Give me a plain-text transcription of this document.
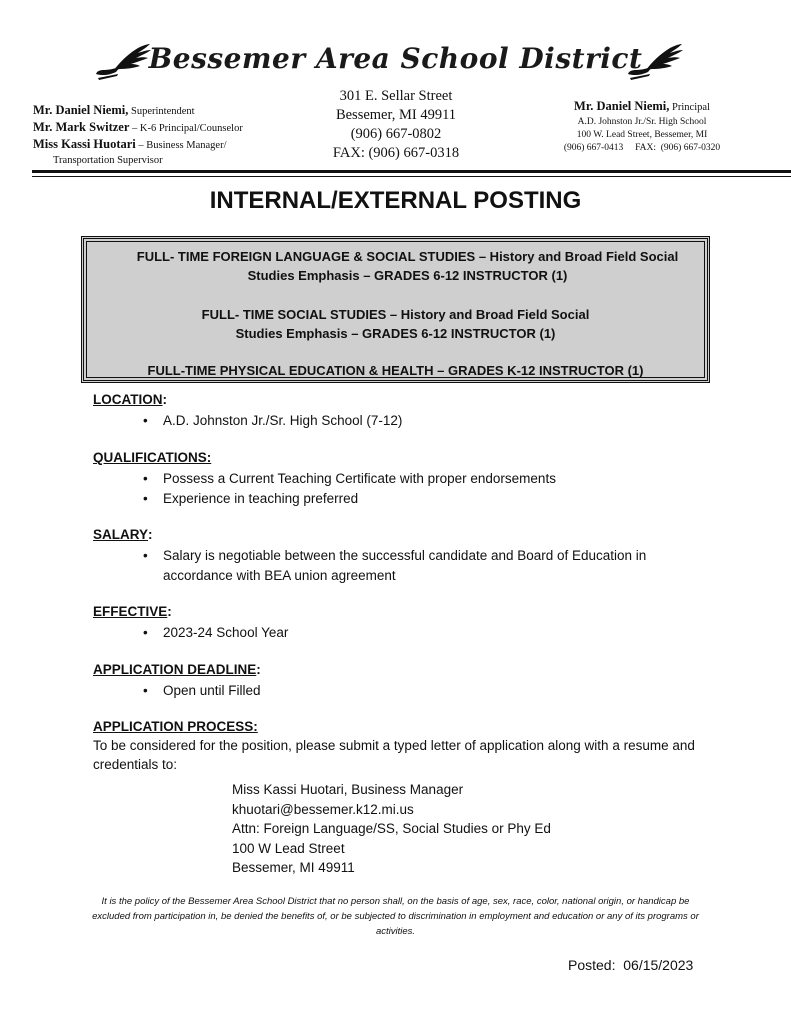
Bessemer Area School District
Mr. Daniel Niemi, Superintendent
Mr. Mark Switzer – K-6 Principal/Counselor
Miss Kassi Huotari – Business Manager/
Transportation Supervisor
301 E. Sellar Street
Bessemer, MI 49911
(906) 667-0802
FAX: (906) 667-0318
Mr. Daniel Niemi, Principal
A.D. Johnston Jr./Sr. High School
100 W. Lead Street, Bessemer, MI
(906) 667-0413     FAX:  (906) 667-0320
INTERNAL/EXTERNAL POSTING
FULL- TIME FOREIGN LANGUAGE & SOCIAL STUDIES – History and Broad Field Social
Studies Emphasis – GRADES 6-12 INSTRUCTOR (1)
FULL- TIME SOCIAL STUDIES – History and Broad Field Social
Studies Emphasis – GRADES 6-12 INSTRUCTOR (1)
FULL-TIME PHYSICAL EDUCATION & HEALTH – GRADES K-12 INSTRUCTOR (1)
LOCATION:
• A.D. Johnston Jr./Sr. High School (7-12)
QUALIFICATIONS:
• Possess a Current Teaching Certificate with proper endorsements
• Experience in teaching preferred
SALARY:
• Salary is negotiable between the successful candidate and Board of Education in
accordance with BEA union agreement
EFFECTIVE:
• 2023-24 School Year
APPLICATION DEADLINE:
• Open until Filled
APPLICATION PROCESS:
To be considered for the position, please submit a typed letter of application along with a resume and credentials to:
Miss Kassi Huotari, Business Manager
khuotari@bessemer.k12.mi.us
Attn: Foreign Language/SS, Social Studies or Phy Ed
100 W Lead Street
Bessemer, MI 49911
It is the policy of the Bessemer Area School District that no person shall, on the basis of age, sex, race, color, national origin, or handicap be excluded from participation in, be denied the benefits of, or be subjected to discrimination in employment and education or any of its programs or activities.
Posted:  06/15/2023
